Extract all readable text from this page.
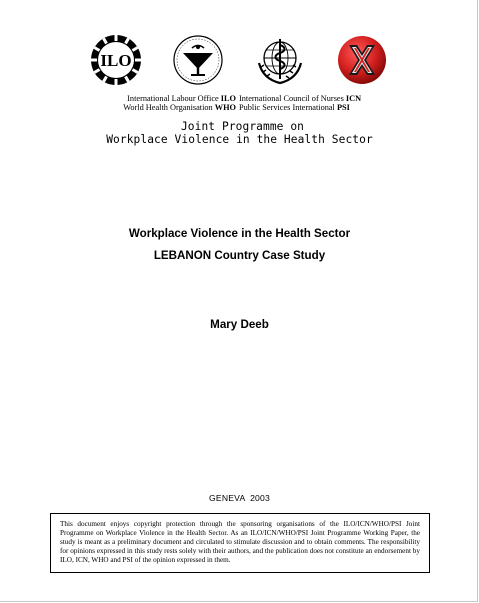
ILO
International Labour Office ILO
World Health Organisation WHO
International Council of Nurses ICN
Public Services International PSI
Joint Programme on
Workplace Violence in the Health Sector
Workplace Violence in the Health Sector
LEBANON Country Case Study
Mary Deeb
GENEVA  2003
This document enjoys copyright protection through the sponsoring organisations of the ILO/ICN/WHO/PSI Joint Programme on Workplace Violence in the Health Sector. As an ILO/ICN/WHO/PSI Joint Programme Working Paper, the study is meant as a preliminary document and circulated to stimulate discussion and to obtain comments. The responsibility for opinions expressed in this study rests solely with their authors, and the publication does not constitute an endorsement by ILO, ICN, WHO and PSI of the opinion expressed in them.
